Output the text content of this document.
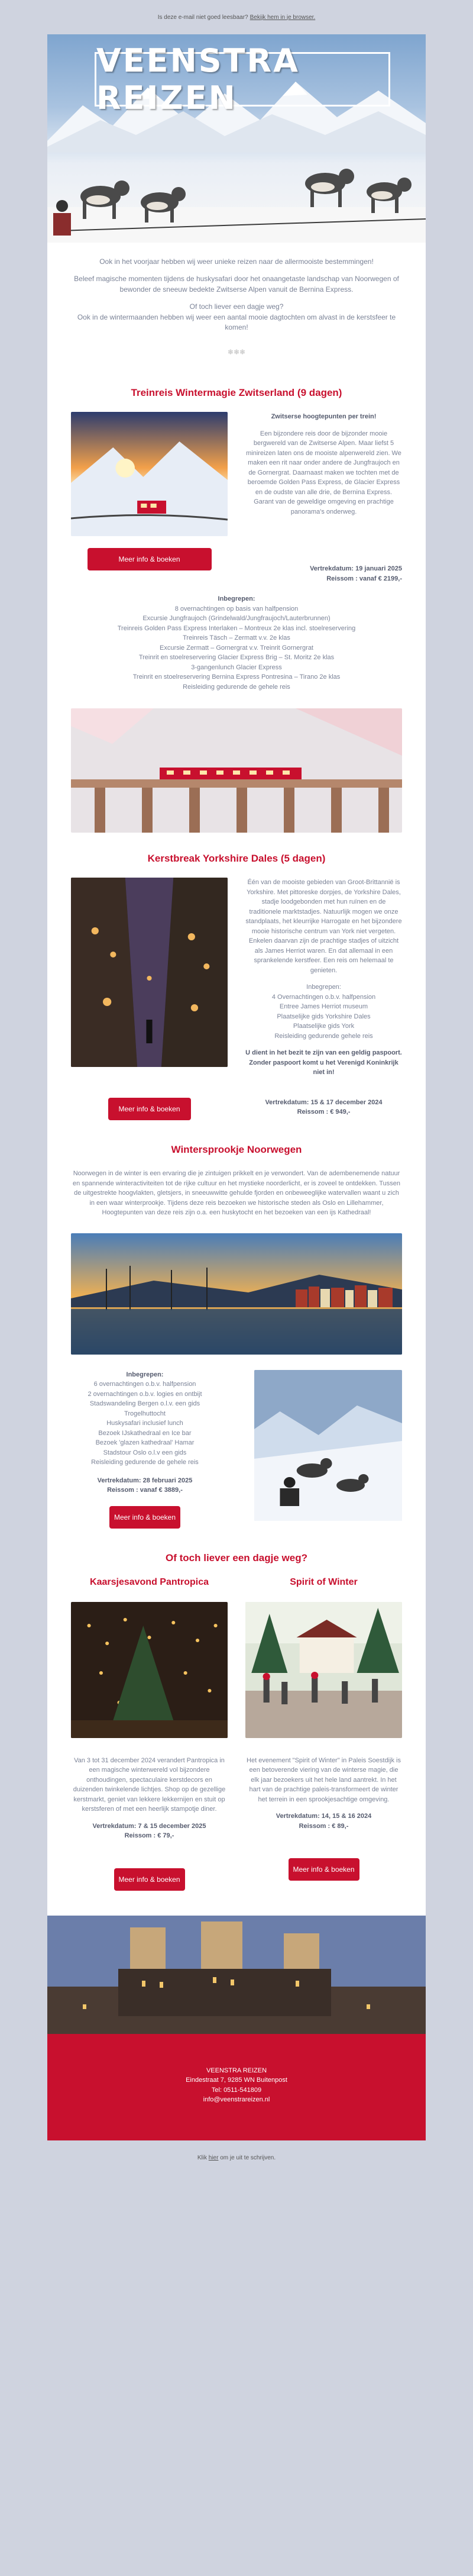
Is deze e-mail niet goed leesbaar? Bekijk hem in je browser.
VEENSTRA REIZEN

Ook in het voorjaar hebben wij weer unieke reizen naar de allermooiste bestemmingen!

Beleef magische momenten tijdens de huskysafari door het onaangetaste landschap van Noorwegen of bewonder de sneeuw bedekte Zwitserse Alpen vanuit de Bernina Express.

Of toch liever een dagje weg?

Ook in de wintermaanden hebben wij weer een aantal mooie dagtochten om alvast in de kerstsfeer te komen!

❄❄❄
Treinreis Wintermagie Zwitserland (9 dagen)
Meer info & boeken

Zwitserse hoogtepunten per trein!

Een bijzondere reis door de bijzonder mooie bergwereld van de Zwitserse Alpen. Maar liefst 5 minireizen laten ons de mooiste alpenwereld zien. We maken een rit naar onder andere de Jungfraujoch en de Gornergrat. Daarnaast maken we tochten met de beroemde Golden Pass Express, de Glacier Express en de oudste van alle drie, de Bernina Express. Garant van de geweldige omgeving en prachtige panorama's onderweg.

Vertrekdatum: 19 januari 2025

Reissom : vanaf € 2199,-

Inbegrepen:

8 overnachtingen op basis van halfpension

Excursie Jungfraujoch (Grindelwald/Jungfraujoch/Lauterbrunnen)

Treinreis Golden Pass Express Interlaken – Montreux 2e klas incl. stoelreservering

Treinreis Täsch – Zermatt v.v. 2e klas

Excursie Zermatt – Gornergrat v.v. Treinrit Gornergrat

Treinrit en stoelreservering Glacier Express Brig – St. Moritz 2e klas

3-gangenlunch Glacier Express

Treinrit en stoelreservering Bernina Express Pontresina – Tirano 2e klas

Reisleiding gedurende de gehele reis

Kerstbreak Yorkshire Dales (5 dagen)
Meer info & boeken

Één van de mooiste gebieden van Groot-Brittannië is Yorkshire. Met pittoreske dorpjes, de Yorkshire Dales, stadje loodgebonden met hun ruïnen en de traditionele marktstadjes. Natuurlijk mogen we onze standplaats, het kleurrijke Harrogate en het bijzondere mooie historische centrum van York niet vergeten. Enkelen daarvan zijn de prachtige stadjes of uitzicht als James Herriot waren. En dat allemaal in een sprankelende kerstfeer. Een reis om helemaal te genieten.

Inbegrepen:

4 Overnachtingen o.b.v. halfpension

Entree James Herriot museum

Plaatselijke gids Yorkshire Dales

Plaatselijke gids York

Reisleiding gedurende gehele reis

U dient in het bezit te zijn van een geldig paspoort. Zonder paspoort komt u het Verenigd Koninkrijk niet in!

Vertrekdatum: 15 & 17 december 2024

Reissom : € 949,-

Wintersprookje Noorwegen
Noorwegen in de winter is een ervaring die je zintuigen prikkelt en je verwondert. Van de adembenemende natuur en spannende winteractiviteiten tot de rijke cultuur en het mystieke noorderlicht, er is zoveel te ontdekken. Tussen de uitgestrekte hoogvlakten, gletsjers, in sneeuwwitte gehulde fjorden en onbeweeglijke watervallen waant u zich in een waar winterprookje. Tijdens deze reis bezoeken we historische steden als Oslo en Lillehammer, Hoogtepunten van deze reis zijn o.a. een huskytocht en het bezoeken van een ijs Kathedraal!

Inbegrepen:

6 overnachtingen o.b.v. halfpension

2 overnachtingen o.b.v. logies en ontbijt

Stadswandeling Bergen o.l.v. een gids

Trogelhuttocht

Huskysafari inclusief lunch

Bezoek IJskathedraal en Ice bar

Bezoek 'glazen kathedraal' Hamar

Stadstour Oslo o.l.v een gids

Reisleiding gedurende de gehele reis

Vertrekdatum: 28 februari 2025

Reissom : vanaf € 3889,-

Meer info & boeken
Of toch liever een dagje weg?

Kaarsjesavond Pantropica

Van 3 tot 31 december 2024 verandert Pantropica in een magische winterwereld vol bijzondere onthoudingen, spectaculaire kerstdecors en duizenden twinkelende lichtjes. Shop op de gezellige kerstmarkt, geniet van lekkere lekkernijen en stuit op kerstsferen of met een heerlijk stampotje diner.

Vertrekdatum: 7 & 15 december 2025

Reissom : € 79,-

Meer info & boeken

Spirit of Winter

Het evenement "Spirit of Winter" in Paleis Soestdijk is een betoverende viering van de winterse magie, die elk jaar bezoekers uit het hele land aantrekt. In het hart van de prachtige paleis-transformeert de winter het terrein in een sprookjesachtige omgeving.

Vertrekdatum: 14, 15 & 16 2024

Reissom : € 89,-

Meer info & boeken

VEENSTRA REIZEN

Eindestraat 7, 9285 WN Buitenpost

Tel: 0511-541809

info@veenstrareizen.nl

Klik hier om je uit te schrijven.
